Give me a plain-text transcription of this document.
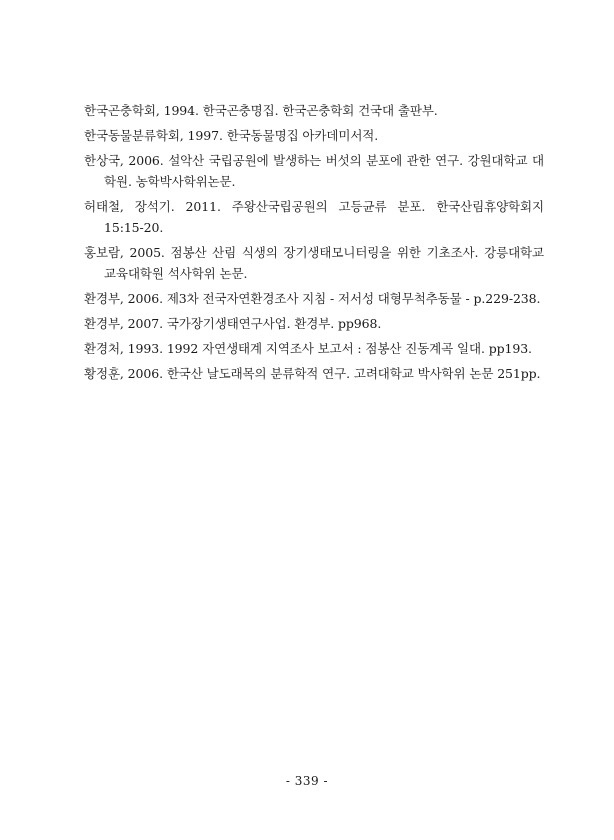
한국곤충학회, 1994. 한국곤충명집. 한국곤충학회 건국대 출판부.
한국동물분류학회, 1997. 한국동물명집 아카데미서적.
한상국, 2006. 설악산 국립공원에 발생하는 버섯의 분포에 관한 연구. 강원대학교 대학원. 농학박사학위논문.
허태철, 장석기. 2011. 주왕산국립공원의 고등균류 분포. 한국산림휴양학회지 15:15-20.
홍보람, 2005. 점봉산 산림 식생의 장기생태모니터링을 위한 기초조사. 강릉대학교 교육대학원 석사학위 논문.
환경부, 2006. 제3차 전국자연환경조사 지침 - 저서성 대형무척추동물 - p.229-238.
환경부, 2007. 국가장기생태연구사업. 환경부. pp968.
환경처, 1993. 1992 자연생태계 지역조사 보고서 : 점봉산 진동계곡 일대. pp193.
황정훈, 2006. 한국산 날도래목의 분류학적 연구. 고려대학교 박사학위 논문 251pp.
- 339 -
